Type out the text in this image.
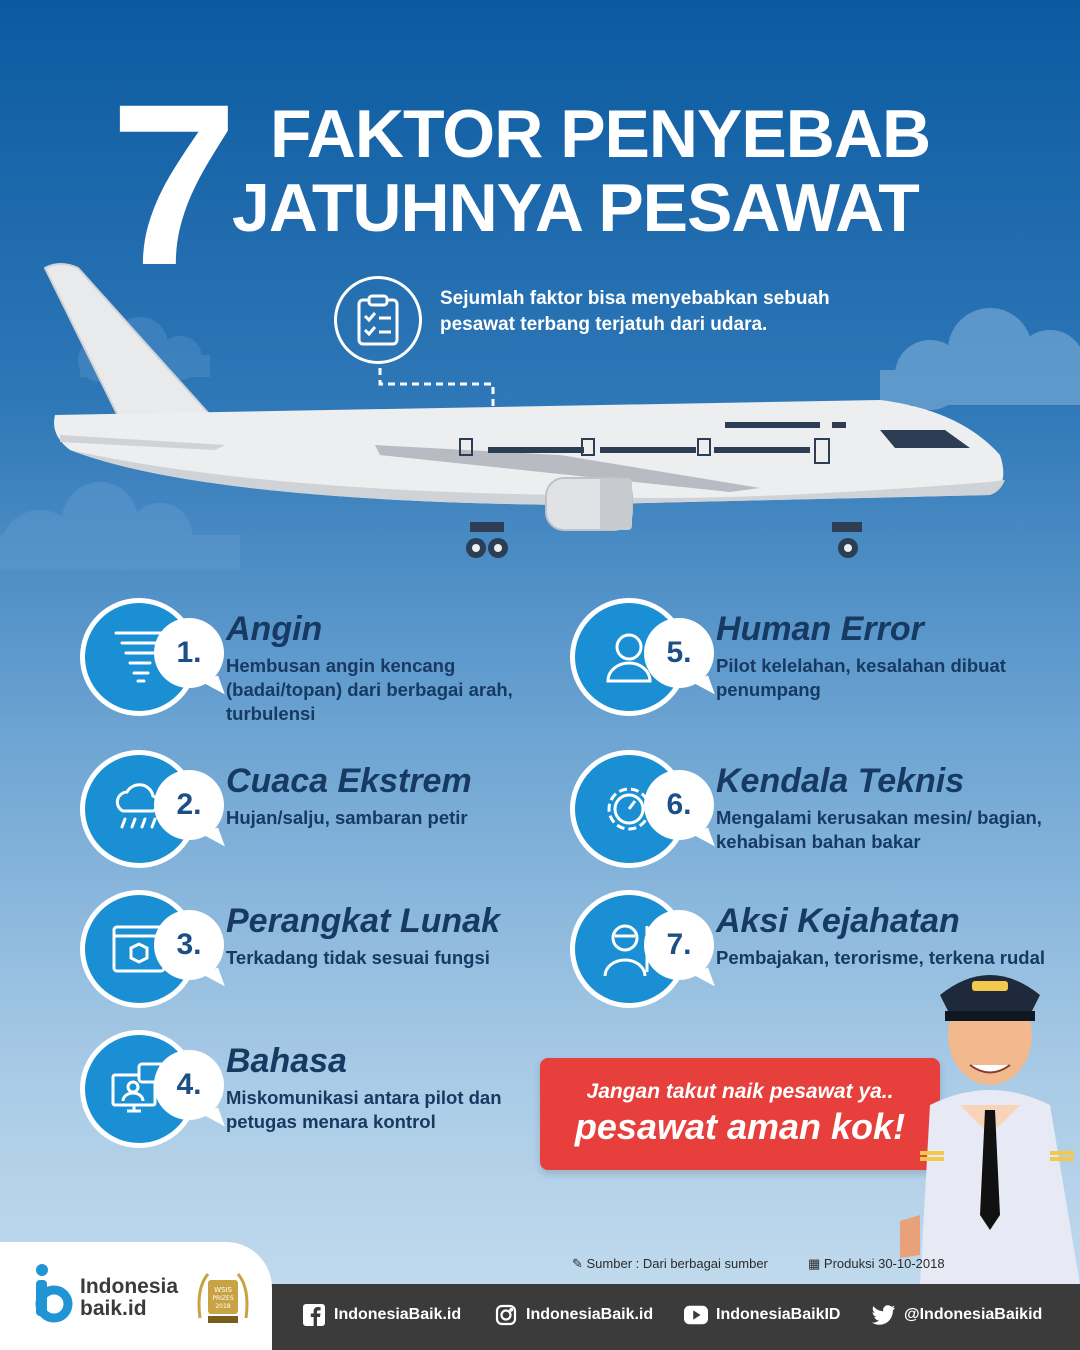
7 FAKTOR PENYEBAB
JATUHNYA PESAWAT
Sejumlah faktor bisa menyebabkan sebuah pesawat terbang terjatuh dari udara.
1.
Angin
Hembusan angin kencang (badai/topan) dari berbagai arah, turbulensi
2.
Cuaca Ekstrem
Hujan/salju, sambaran petir
3.
Perangkat Lunak
Terkadang tidak sesuai fungsi
4.
Bahasa
Miskomunikasi antara pilot dan petugas menara kontrol
5.
Human Error
Pilot kelelahan, kesalahan dibuat penumpang
6.
Kendala Teknis
Mengalami kerusakan mesin/ bagian, kehabisan bahan bakar
7.
Aksi Kejahatan
Pembajakan, terorisme, terkena rudal
Jangan takut naik pesawat ya..
pesawat aman kok!
✎ Sumber : Dari berbagai sumber	▦ Produksi 30-10-2018
Indonesia
baik.id
WSIS
PRIZES
2018	IndonesiaBaik.id	IndonesiaBaik.id	IndonesiaBaikID	@IndonesiaBaikid
